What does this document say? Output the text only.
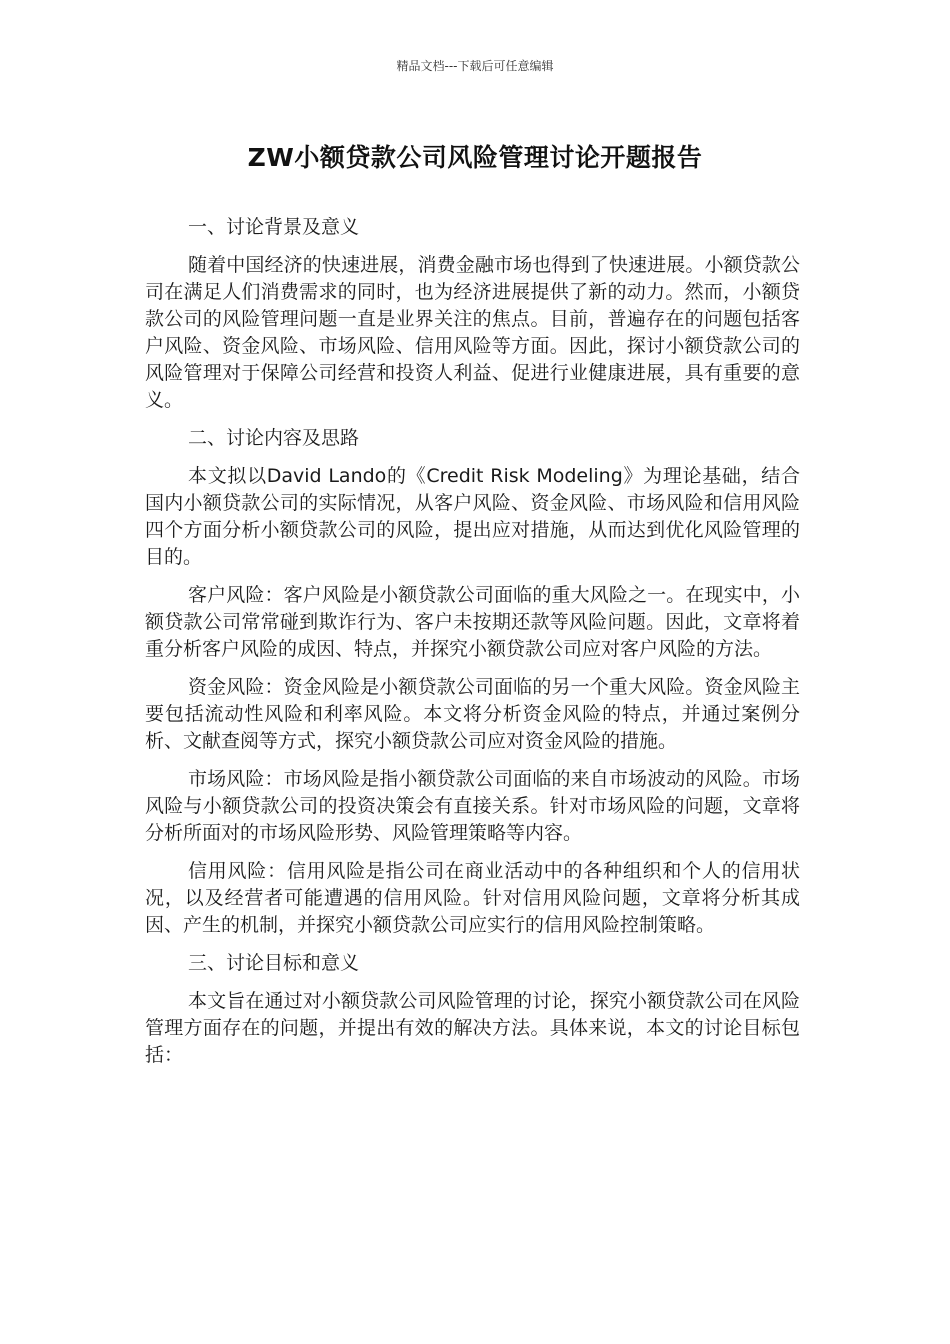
精品文档---下载后可任意编辑
ZW小额贷款公司风险管理讨论开题报告

一、讨论背景及意义

随着中国经济的快速进展，消费金融市场也得到了快速进展。小额贷款公司在满足人们消费需求的同时，也为经济进展提供了新的动力。然而，小额贷款公司的风险管理问题一直是业界关注的焦点。目前，普遍存在的问题包括客户风险、资金风险、市场风险、信用风险等方面。因此，探讨小额贷款公司的风险管理对于保障公司经营和投资人利益、促进行业健康进展，具有重要的意义。

二、讨论内容及思路

本文拟以David Lando的《Credit Risk Modeling》为理论基础，结合国内小额贷款公司的实际情况，从客户风险、资金风险、市场风险和信用风险四个方面分析小额贷款公司的风险，提出应对措施，从而达到优化风险管理的目的。

客户风险：客户风险是小额贷款公司面临的重大风险之一。在现实中，小额贷款公司常常碰到欺诈行为、客户未按期还款等风险问题。因此，文章将着重分析客户风险的成因、特点，并探究小额贷款公司应对客户风险的方法。

资金风险：资金风险是小额贷款公司面临的另一个重大风险。资金风险主要包括流动性风险和利率风险。本文将分析资金风险的特点，并通过案例分析、文献查阅等方式，探究小额贷款公司应对资金风险的措施。

市场风险：市场风险是指小额贷款公司面临的来自市场波动的风险。市场风险与小额贷款公司的投资决策会有直接关系。针对市场风险的问题，文章将分析所面对的市场风险形势、风险管理策略等内容。

信用风险：信用风险是指公司在商业活动中的各种组织和个人的信用状况，以及经营者可能遭遇的信用风险。针对信用风险问题，文章将分析其成因、产生的机制，并探究小额贷款公司应实行的信用风险控制策略。

三、讨论目标和意义

本文旨在通过对小额贷款公司风险管理的讨论，探究小额贷款公司在风险管理方面存在的问题，并提出有效的解决方法。具体来说，本文的讨论目标包括：
